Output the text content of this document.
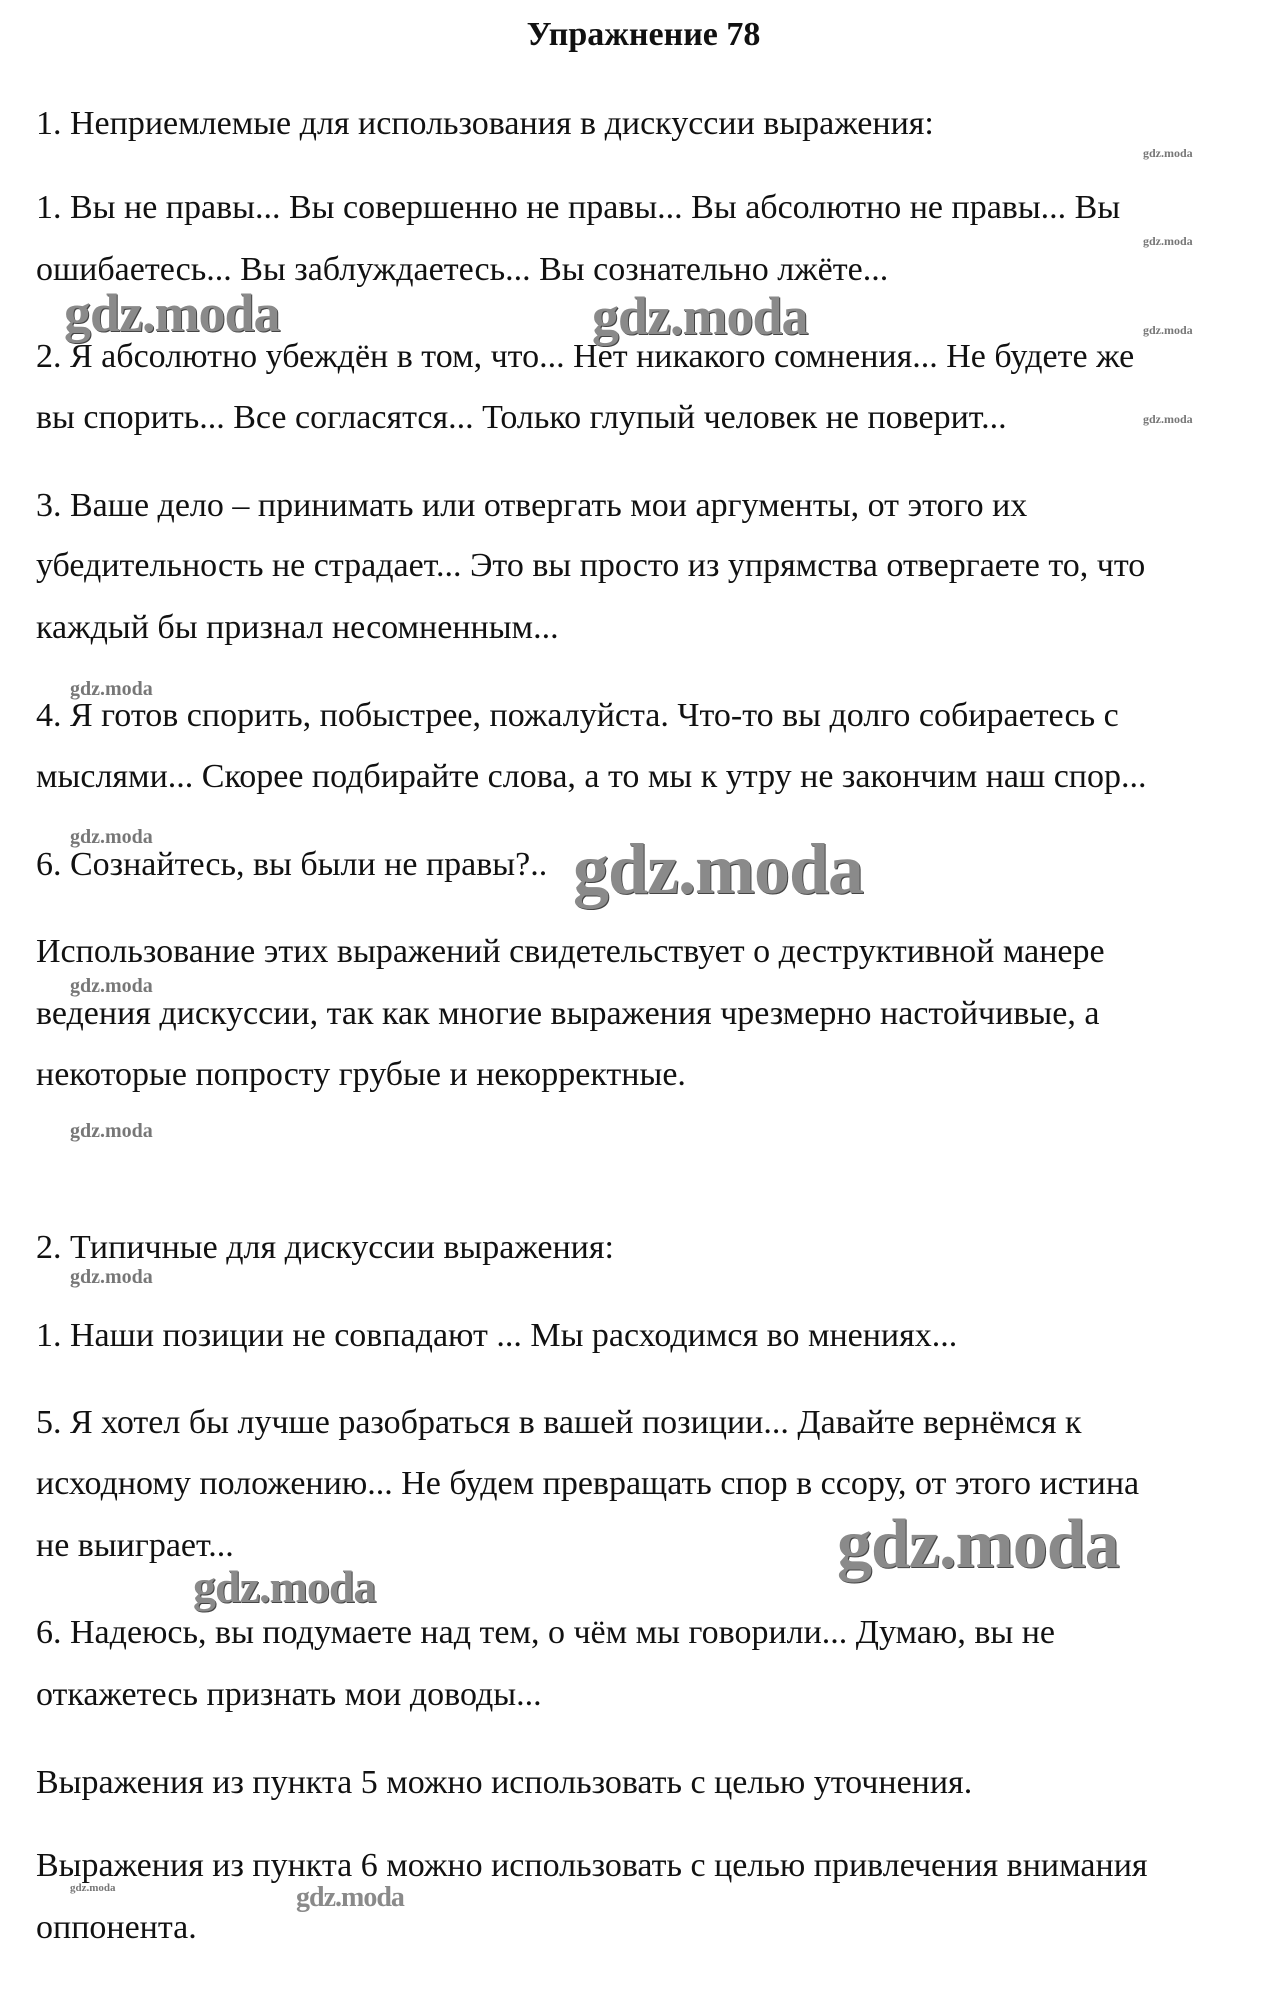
Упражнение 78
1. Неприемлемые для использования в дискуссии выражения:
1. Вы не правы... Вы совершенно не правы... Вы абсолютно не правы... Вы
ошибаетесь... Вы заблуждаетесь... Вы сознательно лжёте...
2. Я абсолютно убеждён в том, что... Нет никакого сомнения... Не будете же
вы спорить... Все согласятся... Только глупый человек не поверит...
3. Ваше дело – принимать или отвергать мои аргументы, от этого их
убедительность не страдает... Это вы просто из упрямства отвергаете то, что
каждый бы признал несомненным...
4. Я готов спорить, побыстрее, пожалуйста. Что-то вы долго собираетесь с
мыслями... Скорее подбирайте слова, а то мы к утру не закончим наш спор...
6. Сознайтесь, вы были не правы?..
Использование этих выражений свидетельствует о деструктивной манере
ведения дискуссии, так как многие выражения чрезмерно настойчивые, а
некоторые попросту грубые и некорректные.
2. Типичные для дискуссии выражения:
1. Наши позиции не совпадают ... Мы расходимся во мнениях...
5. Я хотел бы лучше разобраться в вашей позиции... Давайте вернёмся к
исходному положению... Не будем превращать спор в ссору, от этого истина
не выиграет...
6. Надеюсь, вы подумаете над тем, о чём мы говорили... Думаю, вы не
откажетесь признать мои доводы...
Выражения из пункта 5 можно использовать с целью уточнения.
Выражения из пункта 6 можно использовать с целью привлечения внимания
оппонента.
gdz.moda	gdz.moda
gdz.moda
gdz.moda
gdz.moda
gdz.moda
gdz.moda
gdz.moda
gdz.moda
gdz.moda
gdz.moda
gdz.moda
gdz.moda
gdz.moda
gdz.moda
gdz.moda
